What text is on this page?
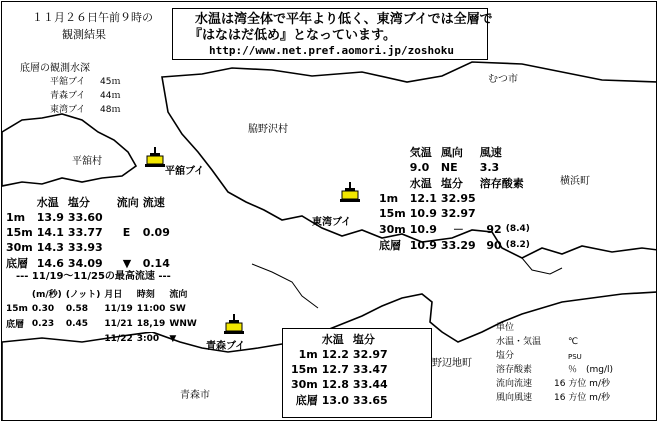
１１月２６日午前９時の
観測結果
水温は湾全体で平年より低く、東湾ブイでは全層で
『はなはだ低め』となっています。
http://www.net.pref.aomori.jp/zoshoku
底層の観測水深
平舘ブイ 45ｍ
青森ブイ 44ｍ
東湾ブイ 48ｍ
むつ市
脇野沢村
平舘村
横浜町
野辺地町
青森市
平舘ブイ
東湾ブイ
青森ブイ
	水温	塩分	流向	流速
1m	13.9	33.60		
15m	14.1	33.77	E	0.09
30m	14.3	33.93		
底層	14.6	34.09	▼	0.14
--- 11/19～11/25の最高流速 ---
	(m/秒)	(ノット)	月日	時刻	流向
15m	0.30	0.58	11/19	11:00	SW
底層	0.23	0.45	11/21	18,19	WNW
			11/22	3:00	▼
	気温	風向	風速	
	9.0	NE	3.3	
	水温	塩分	溶存酸素	
1m	12.1	32.95		
15m	10.9	32.97		
30m	10.9	－	92	(8.4)
底層	10.9	33.29	90	(8.2)
	水温	塩分
1m	12.2	32.97
15m	12.7	33.47
30m	12.8	33.44
底層	13.0	33.65
単位
水温・気温	℃
塩分	PSU
溶存酸素	％　(mg/l)
流向流速 16 方位 m/秒
風向風速 16 方位 m/秒
